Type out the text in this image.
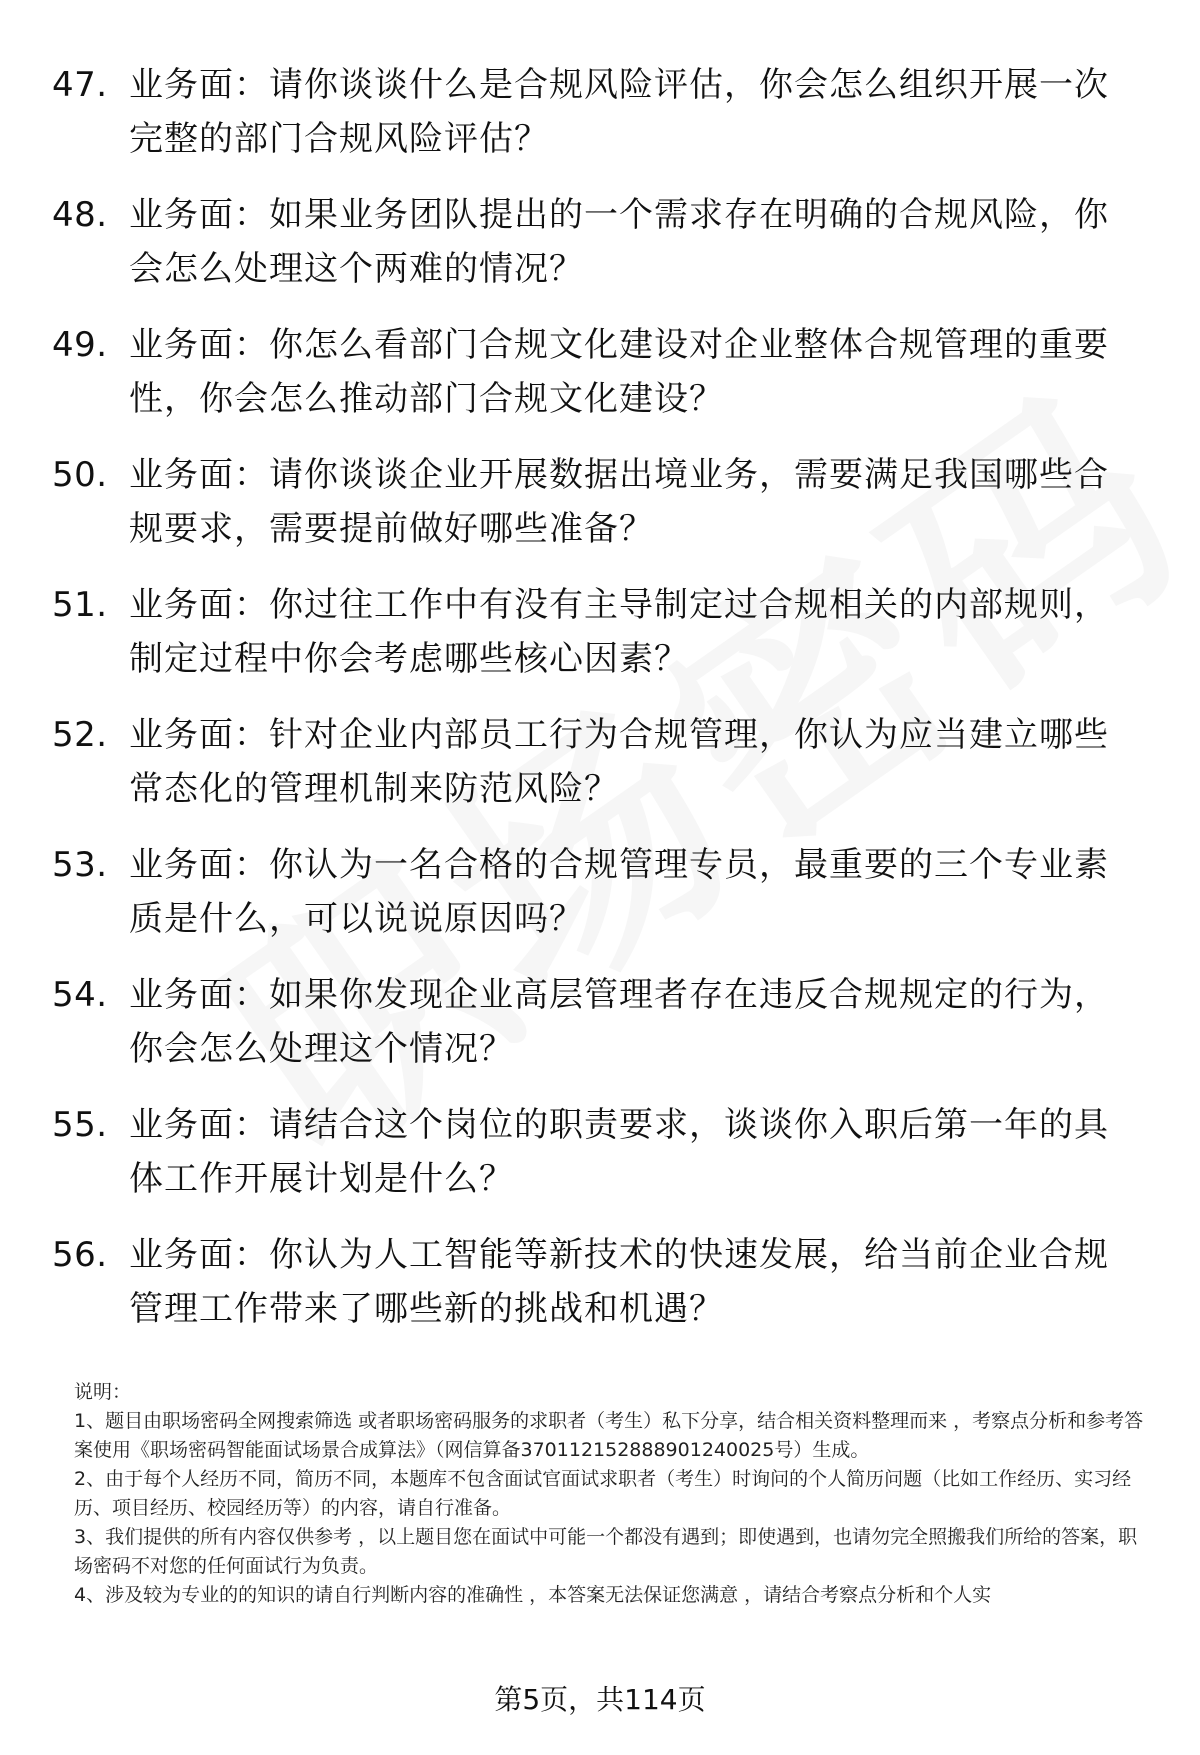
47. 业务面：请你谈谈什么是合规风险评估，你会怎么组织开展一次完整的部门合规风险评估？
48. 业务面：如果业务团队提出的一个需求存在明确的合规风险，你会怎么处理这个两难的情况？
49. 业务面：你怎么看部门合规文化建设对企业整体合规管理的重要性，你会怎么推动部门合规文化建设？
50. 业务面：请你谈谈企业开展数据出境业务，需要满足我国哪些合规要求，需要提前做好哪些准备？
51. 业务面：你过往工作中有没有主导制定过合规相关的内部规则，制定过程中你会考虑哪些核心因素？
52. 业务面：针对企业内部员工行为合规管理，你认为应当建立哪些常态化的管理机制来防范风险？
53. 业务面：你认为一名合格的合规管理专员，最重要的三个专业素质是什么，可以说说原因吗？
54. 业务面：如果你发现企业高层管理者存在违反合规规定的行为，你会怎么处理这个情况？
55. 业务面：请结合这个岗位的职责要求，谈谈你入职后第一年的具体工作开展计划是什么？
56. 业务面：你认为人工智能等新技术的快速发展，给当前企业合规管理工作带来了哪些新的挑战和机遇？

说明：

1、题目由职场密码全网搜索筛选 或者职场密码服务的求职者（考生）私下分享，结合相关资料整理而来 ，考察点分析和参考答案使用《职场密码智能面试场景合成算法》（网信算备370112152888901240025号）生成。

2、由于每个人经历不同，简历不同，本题库不包含面试官面试求职者（考生）时询问的个人简历问题（比如工作经历、实习经历、项目经历、校园经历等）的内容，请自行准备。

3、我们提供的所有内容仅供参考 ，以上题目您在面试中可能一个都没有遇到；即使遇到，也请勿完全照搬我们所给的答案，职场密码不对您的任何面试行为负责。

4、涉及较为专业的的知识的请自行判断内容的准确性 ，本答案无法保证您满意 ，请结合考察点分析和个人实

第5页，共114页
